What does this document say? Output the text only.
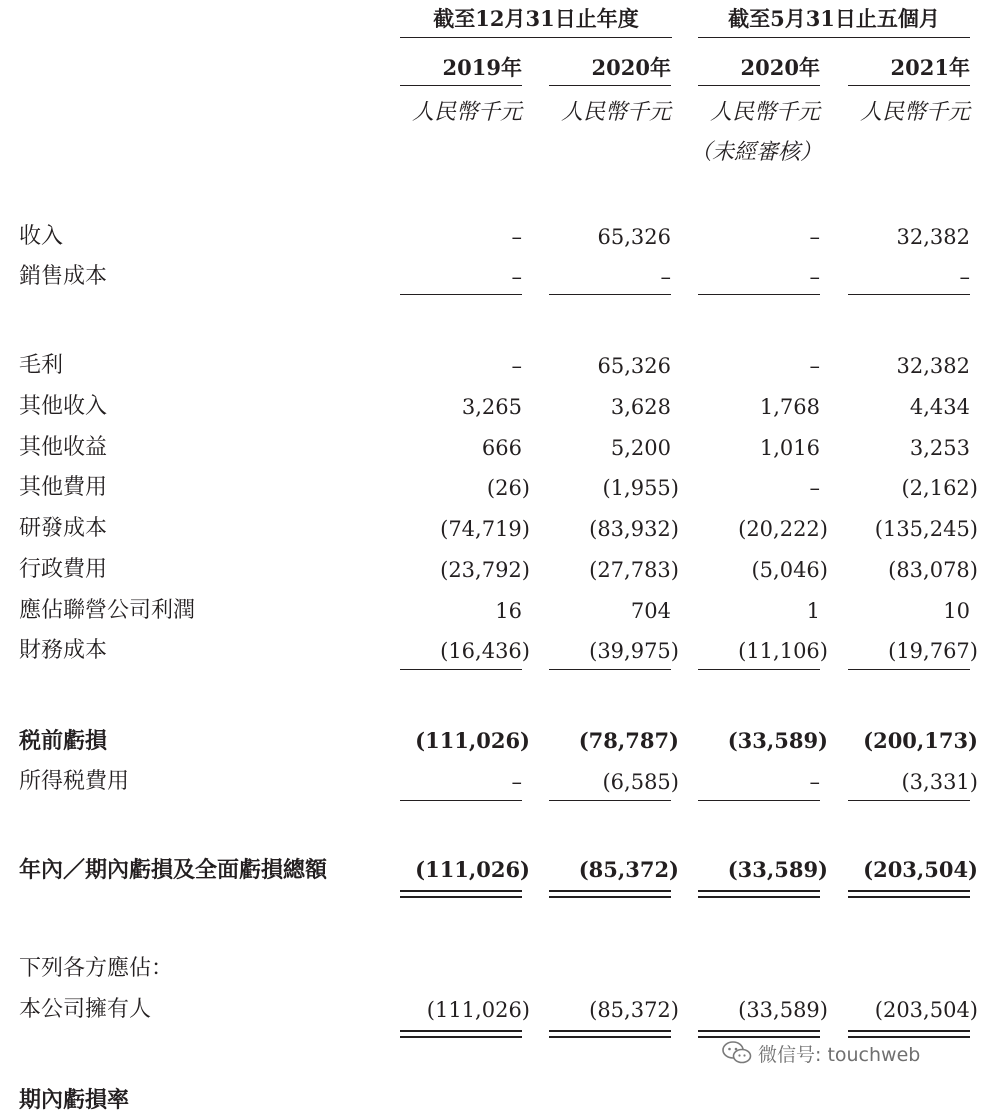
截至12月31日止年度	截至5月31日止五個月
2019年	2020年	2020年	2021年
人民幣千元	人民幣千元	人民幣千元	人民幣千元
（未經審核）
收入	–	65,326	–	32,382
銷售成本	–	–	–	–
毛利	–	65,326	–	32,382
其他收入	3,265	3,628	1,768	4,434
其他收益	666	5,200	1,016	3,253
其他費用	(26)	(1,955)	–	(2,162)
研發成本	(74,719)	(83,932)	(20,222)	(135,245)
行政費用	(23,792)	(27,783)	(5,046)	(83,078)
應佔聯營公司利潤	16	704	1	10
財務成本	(16,436)	(39,975)	(11,106)	(19,767)
税前虧損	(111,026)	(78,787)	(33,589)	(200,173)
所得税費用	–	(6,585)	–	(3,331)
年內／期內虧損及全面虧損總額	(111,026)	(85,372)	(33,589)	(203,504)
下列各方應佔：
本公司擁有人	(111,026)	(85,372)	(33,589)	(203,504)
期內虧損率
微信号: touchweb
